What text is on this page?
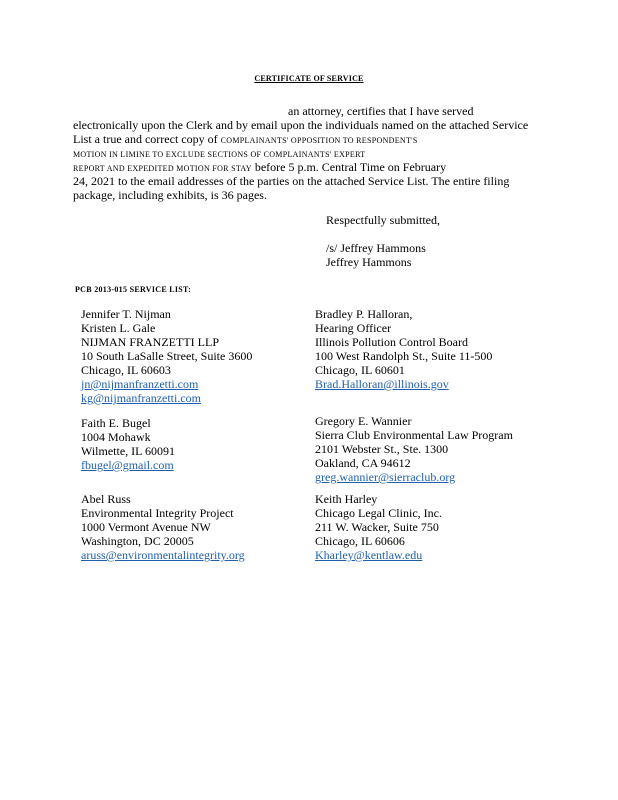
CERTIFICATE OF SERVICE
an attorney, certifies that I have served
electronically upon the Clerk and by email upon the individuals named on the attached Service
List a true and correct copy of COMPLAINANTS' OPPOSITION TO RESPONDENT'S
MOTION IN LIMINE TO EXCLUDE SECTIONS OF COMPLAINANTS' EXPERT
REPORT AND EXPEDITED MOTION FOR STAY before 5 p.m. Central Time on February
24, 2021 to the email addresses of the parties on the attached Service List. The entire filing
package, including exhibits, is 36 pages.
Respectfully submitted,
/s/ Jeffrey Hammons
Jeffrey Hammons
PCB 2013-015 SERVICE LIST:
Jennifer T. Nijman
Kristen L. Gale
NIJMAN FRANZETTI LLP
10 South LaSalle Street, Suite 3600
Chicago, IL 60603
jn@nijmanfranzetti.com
kg@nijmanfranzetti.com
Bradley P. Halloran,
Hearing Officer
Illinois Pollution Control Board
100 West Randolph St., Suite 11-500
Chicago, IL 60601
Brad.Halloran@illinois.gov
Faith E. Bugel
1004 Mohawk
Wilmette, IL 60091
fbugel@gmail.com
Gregory E. Wannier
Sierra Club Environmental Law Program
2101 Webster St., Ste. 1300
Oakland, CA 94612
greg.wannier@sierraclub.org
Abel Russ
Environmental Integrity Project
1000 Vermont Avenue NW
Washington, DC 20005
aruss@environmentalintegrity.org
Keith Harley
Chicago Legal Clinic, Inc.
211 W. Wacker, Suite 750
Chicago, IL 60606
Kharley@kentlaw.edu
